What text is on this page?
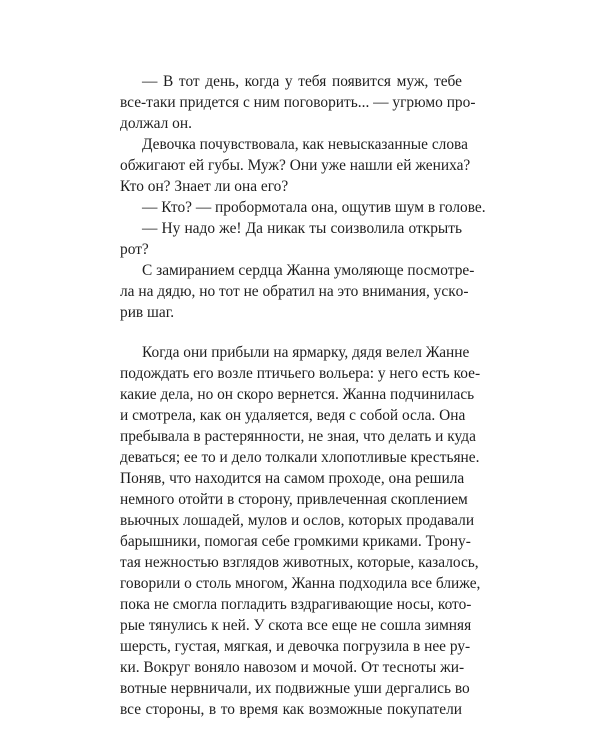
— В тот день, когда у тебя появится муж, тебе
все-таки придется с ним поговорить... — угрюмо про-
должал он.
Девочка почувствовала, как невысказанные слова
обжигают ей губы. Муж? Они уже нашли ей жениха?
Кто он? Знает ли она его?
— Кто? — пробормотала она, ощутив шум в голове.
— Ну надо же! Да никак ты соизволила открыть
рот?
С замиранием сердца Жанна умоляюще посмотре-
ла на дядю, но тот не обратил на это внимания, ускo-
рив шаг.
Когда они прибыли на ярмарку, дядя велел Жанне
подождать его возле птичьего вольера: у него есть кое-
какие дела, но он скоро вернется. Жанна подчинилась
и смотрела, как он удаляется, ведя с собой осла. Она
пребывала в растерянности, не зная, что делать и куда
деваться; ее то и дело толкали хлопотливые крестьяне.
Поняв, что находится на самом проходе, она решила
немного отойти в сторону, привлеченная скоплением
вьючных лошадей, мулов и ослов, которых продавали
барышники, помогая себе громкими криками. Трону-
тая нежностью взглядов животных, которые, казалось,
говорили о столь многом, Жанна подходила все ближе,
пока не смогла погладить вздрагивающие носы, кото-
рые тянулись к ней. У скота все еще не сошла зимняя
шерсть, густая, мягкая, и девочка погрузила в нее ру-
ки. Вокруг воняло навозом и мочой. От тесноты жи-
вотные нервничали, их подвижные уши дергались во
все стороны, в то время как возможные покупатели
